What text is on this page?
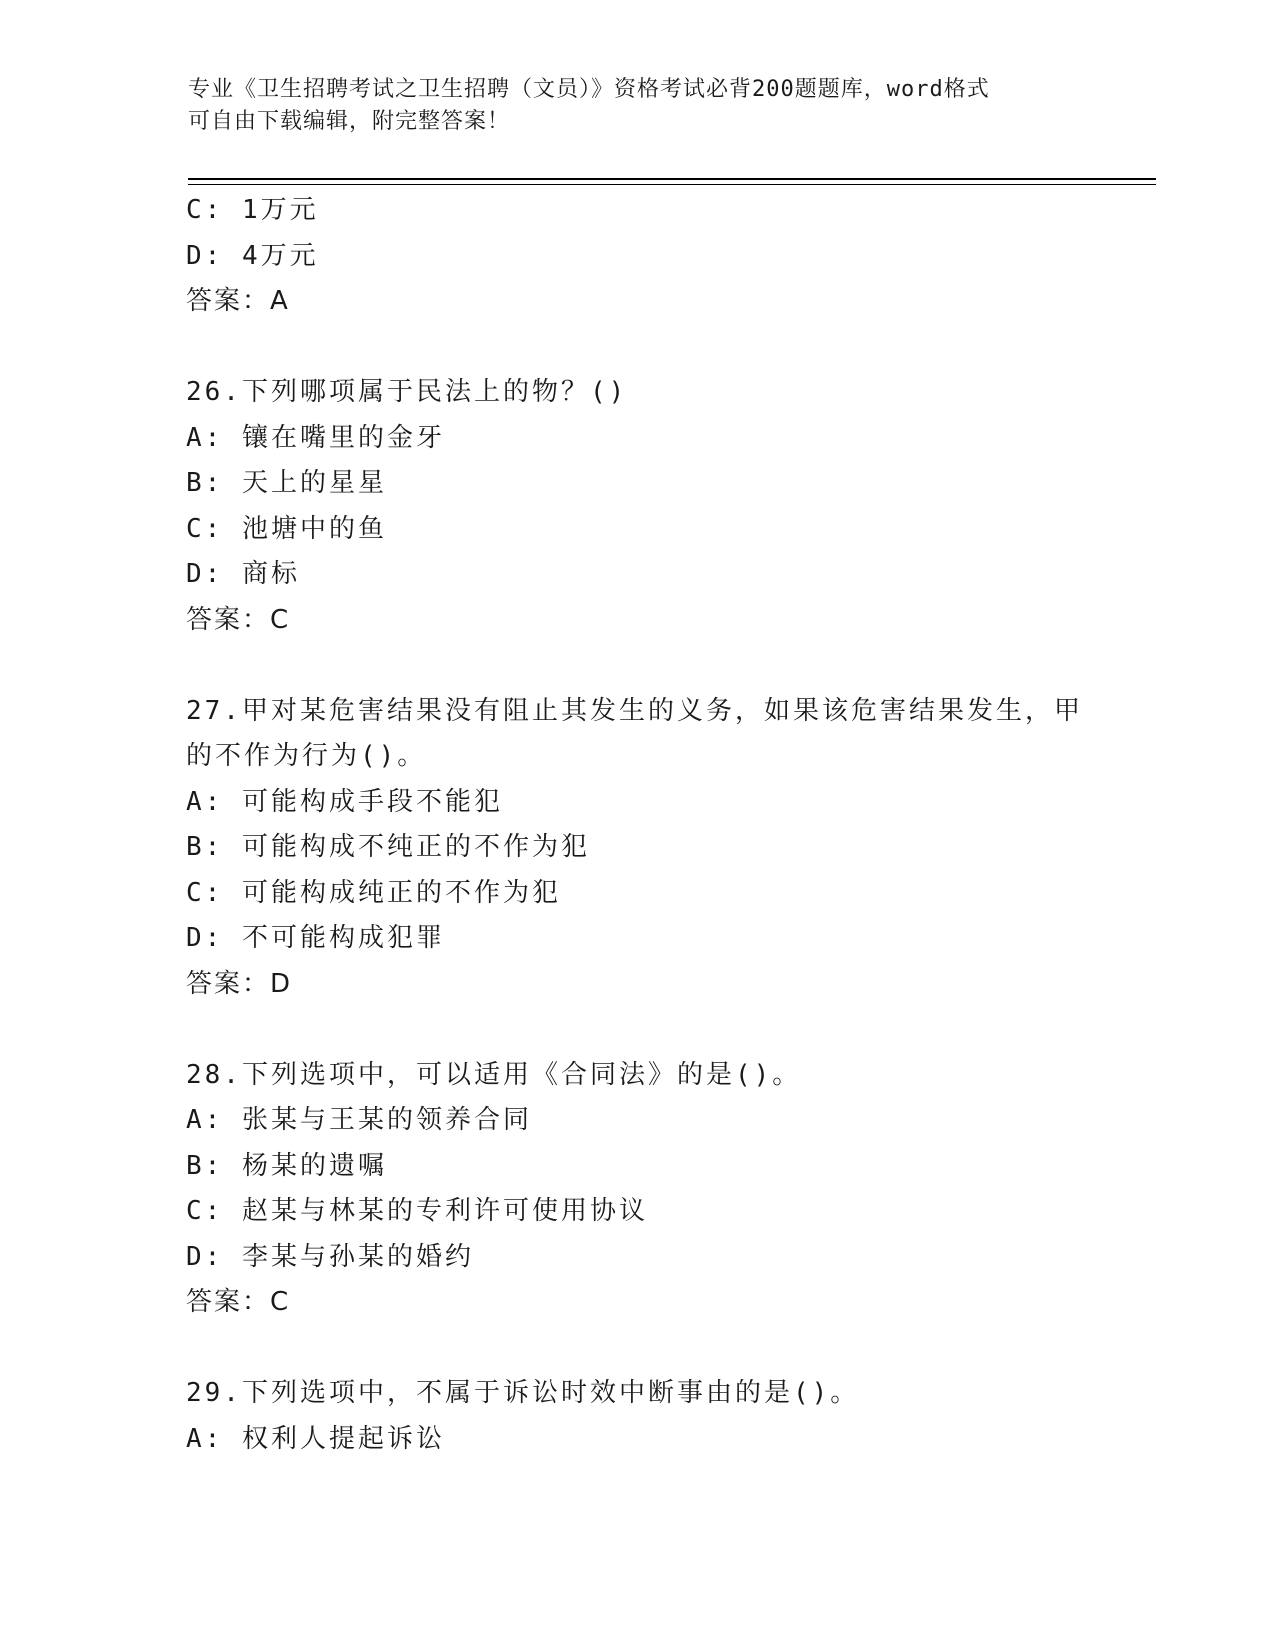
专业《卫生招聘考试之卫生招聘（文员）》资格考试必背200题题库，word格式
可自由下载编辑，附完整答案！
C: 1万元
D: 4万元
答案：A
26.下列哪项属于民法上的物？()
A: 镶在嘴里的金牙
B: 天上的星星
C: 池塘中的鱼
D: 商标
答案：C
27.甲对某危害结果没有阻止其发生的义务，如果该危害结果发生，甲
的不作为行为()。
A: 可能构成手段不能犯
B: 可能构成不纯正的不作为犯
C: 可能构成纯正的不作为犯
D: 不可能构成犯罪
答案：D
28.下列选项中，可以适用《合同法》的是()。
A: 张某与王某的领养合同
B: 杨某的遗嘱
C: 赵某与林某的专利许可使用协议
D: 李某与孙某的婚约
答案：C
29.下列选项中，不属于诉讼时效中断事由的是()。
A: 权利人提起诉讼
